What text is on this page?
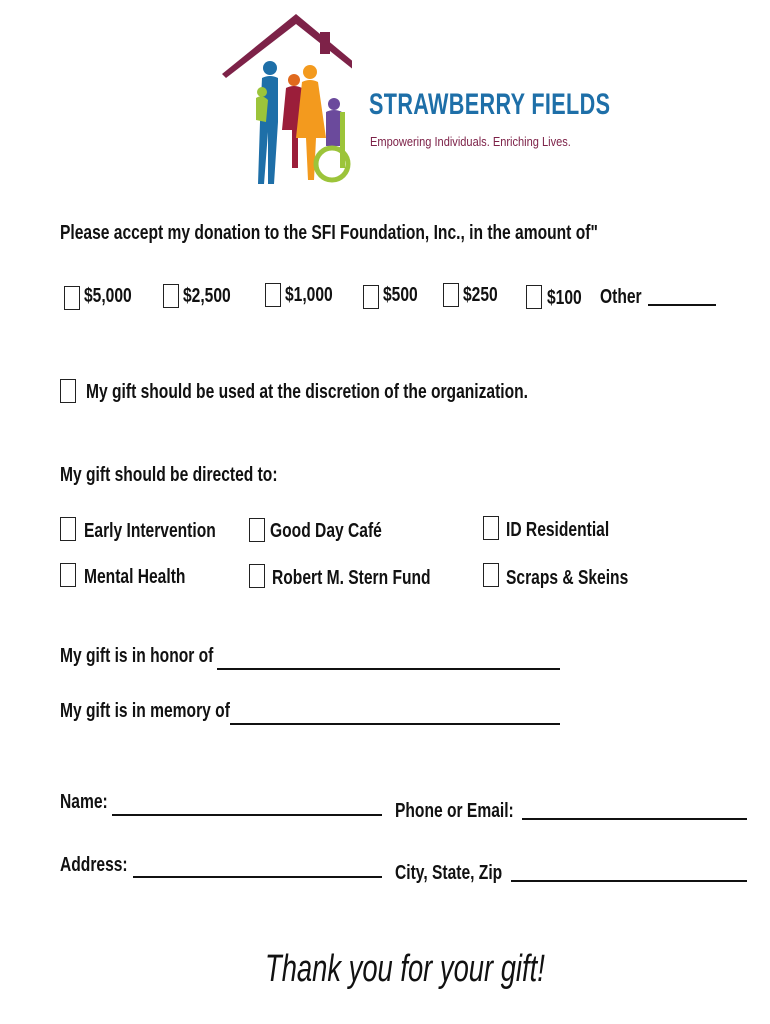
STRAWBERRY FIELDS
Empowering Individuals. Enriching Lives.
Please accept my donation to the SFI Foundation, Inc., in the amount of"
$5,000	$2,500	$1,000	$500 $250 $100 Other
My gift should be used at the discretion of the organization.
My gift should be directed to:
Early Intervention	Good Day Café	ID Residential
Mental Health	Robert M. Stern Fund	Scraps & Skeins
My gift is in honor of
My gift is in memory of
Name:	Phone or Email:
Address:	City, State, Zip
Thank you for your gift!
